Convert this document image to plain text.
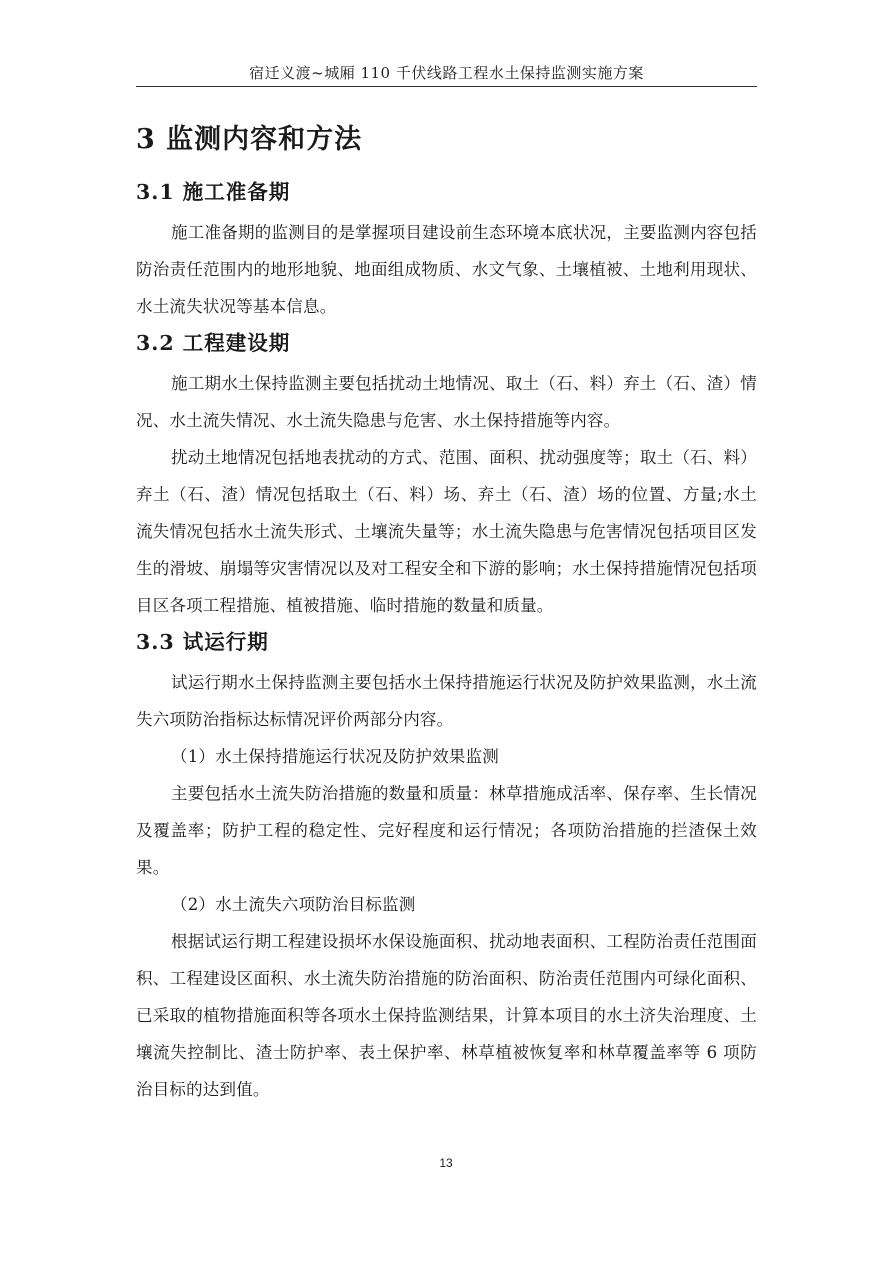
宿迁义渡~城厢 110 千伏线路工程水土保持监测实施方案
3 监测内容和方法
3.1 施工准备期

施工准备期的监测目的是掌握项目建设前生态环境本底状况，主要监测内容包括防治责任范围内的地形地貌、地面组成物质、水文气象、土壤植被、土地利用现状、水土流失状况等基本信息。

3.2 工程建设期

施工期水土保持监测主要包括扰动土地情况、取土（石、料）弃土（石、渣）情况、水土流失情况、水土流失隐患与危害、水土保持措施等内容。

扰动土地情况包括地表扰动的方式、范围、面积、扰动强度等；取土（石、料）弃土（石、渣）情况包括取土（石、料）场、弃土（石、渣）场的位置、方量;水土流失情况包括水土流失形式、土壤流失量等；水土流失隐患与危害情况包括项目区发生的滑坡、崩塌等灾害情况以及对工程安全和下游的影响；水土保持措施情况包括项目区各项工程措施、植被措施、临时措施的数量和质量。

3.3 试运行期

试运行期水土保持监测主要包括水土保持措施运行状况及防护效果监测，水土流失六项防治指标达标情况评价两部分内容。

（1）水土保持措施运行状况及防护效果监测

主要包括水土流失防治措施的数量和质量：林草措施成活率、保存率、生长情况及覆盖率；防护工程的稳定性、完好程度和运行情况；各项防治措施的拦渣保土效果。

（2）水土流失六项防治目标监测

根据试运行期工程建设损坏水保设施面积、扰动地表面积、工程防治责任范围面积、工程建设区面积、水土流失防治措施的防治面积、防治责任范围内可绿化面积、已采取的植物措施面积等各项水土保持监测结果，计算本项目的水土济失治理度、土壤流失控制比、渣士防护率、表土保护率、林草植被恢复率和林草覆盖率等 6 项防治目标的达到值。

13
